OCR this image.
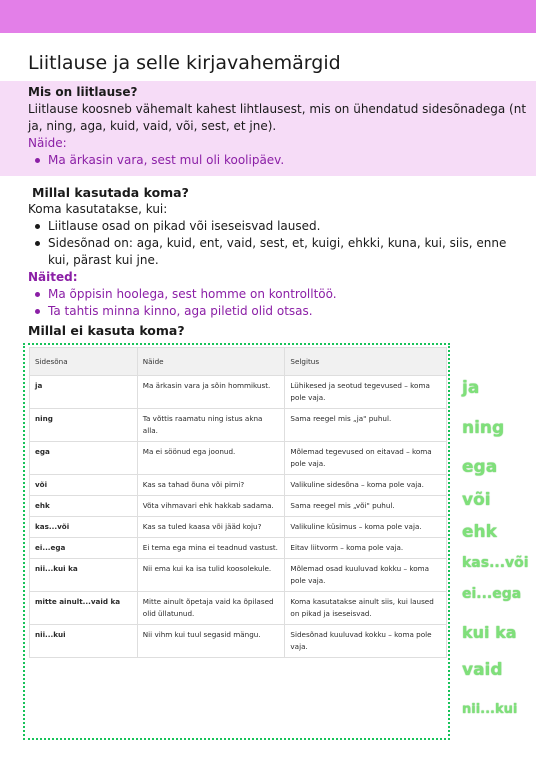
Liitlause ja selle kirjavahemärgid
Mis on liitlause?
Liitlause koosneb vähemalt kahest lihtlausest, mis on ühendatud sidesõnadega (nt ja, ning, aga, kuid, vaid, või, sest, et jne).
Näide:
Ma ärkasin vara, sest mul oli koolipäev.
Millal kasutada koma?
Koma kasutatakse, kui:
Liitlause osad on pikad või iseseisvad laused.
Sidesõnad on: aga, kuid, ent, vaid, sest, et, kuigi, ehkki, kuna, kui, siis, enne kui, pärast kui jne.
Näited:
Ma õppisin hoolega, sest homme on kontrolltöö.
Ta tahtis minna kinno, aga piletid olid otsas.
Millal ei kasuta koma?
Sidesõna	Näide	Selgitus
ja	Ma ärkasin vara ja sõin hommikust.	Lühikesed ja seotud tegevused – koma pole vaja.
ning	Ta võttis raamatu ning istus akna alla.	Sama reegel mis „ja" puhul.
ega	Ma ei söönud ega joonud.	Mõlemad tegevused on eitavad – koma pole vaja.
või	Kas sa tahad õuna või pirni?	Valikuline sidesõna – koma pole vaja.
ehk	Võta vihmavari ehk hakkab sadama.	Sama reegel mis „või" puhul.
kas...või	Kas sa tuled kaasa või jääd koju?	Valikuline küsimus – koma pole vaja.
ei...ega	Ei tema ega mina ei teadnud vastust.	Eitav liitvorm – koma pole vaja.
nii...kui ka	Nii ema kui ka isa tulid koosolekule.	Mõlemad osad kuuluvad kokku – koma pole vaja.
mitte ainult...vaid ka	Mitte ainult õpetaja vaid ka õpilased olid üllatunud.	Koma kasutatakse ainult siis, kui laused on pikad ja iseseisvad.
nii...kui	Nii vihm kui tuul segasid mängu.	Sidesõnad kuuluvad kokku – koma pole vaja.
ja
ning
ega
või
ehk
kas...või
ei...ega
kui ka
vaid
nii...kui
